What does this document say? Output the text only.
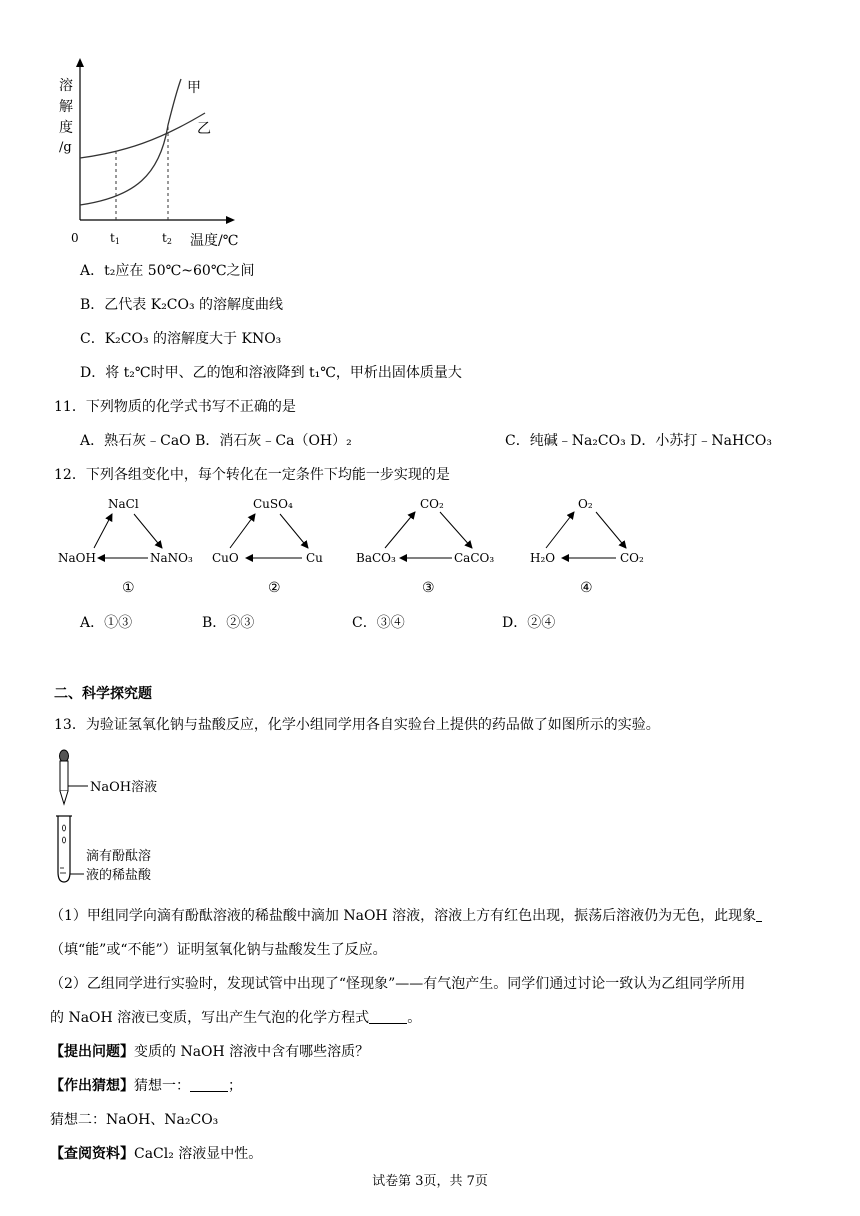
溶
解
度
/g
甲
乙
0	t1	t2 温度/℃
A．t₂应在 50℃~60℃之间
B．乙代表 K₂CO₃ 的溶解度曲线
C．K₂CO₃ 的溶解度大于 KNO₃
D．将 t₂℃时甲、乙的饱和溶液降到 t₁℃，甲析出固体质量大
11．下列物质的化学式书写不正确的是
A．熟石灰﹣CaO B．消石灰﹣Ca（OH）₂	C．纯碱﹣Na₂CO₃ D．小苏打﹣NaHCO₃
12．下列各组变化中，每个转化在一定条件下均能一步实现的是
NaCl
NaOH	NaNO₃
①
CuSO₄
CuO	Cu
②
CO₂
BaCO₃	CaCO₃
③
O₂
H₂O	CO₂
④
A．①③	B．②③	C．③④	D．②④
二、科学探究题
13．为验证氢氧化钠与盐酸反应，化学小组同学用各自实验台上提供的药品做了如图所示的实验。
NaOH溶液
滴有酚酞溶
液的稀盐酸
（1）甲组同学向滴有酚酞溶液的稀盐酸中滴加 NaOH 溶液，溶液上方有红色出现，振荡后溶液仍为无色，此现象
（填“能”或“不能”）证明氢氧化钠与盐酸发生了反应。
（2）乙组同学进行实验时，发现试管中出现了“怪现象”——有气泡产生。同学们通过讨论一致认为乙组同学所用
的 NaOH 溶液已变质，写出产生气泡的化学方程式	。
【提出问题】变质的 NaOH 溶液中含有哪些溶质？
【作出猜想】猜想一：	；
猜想二：NaOH、Na₂CO₃
【查阅资料】CaCl₂ 溶液显中性。
试卷第 3页，共 7页
